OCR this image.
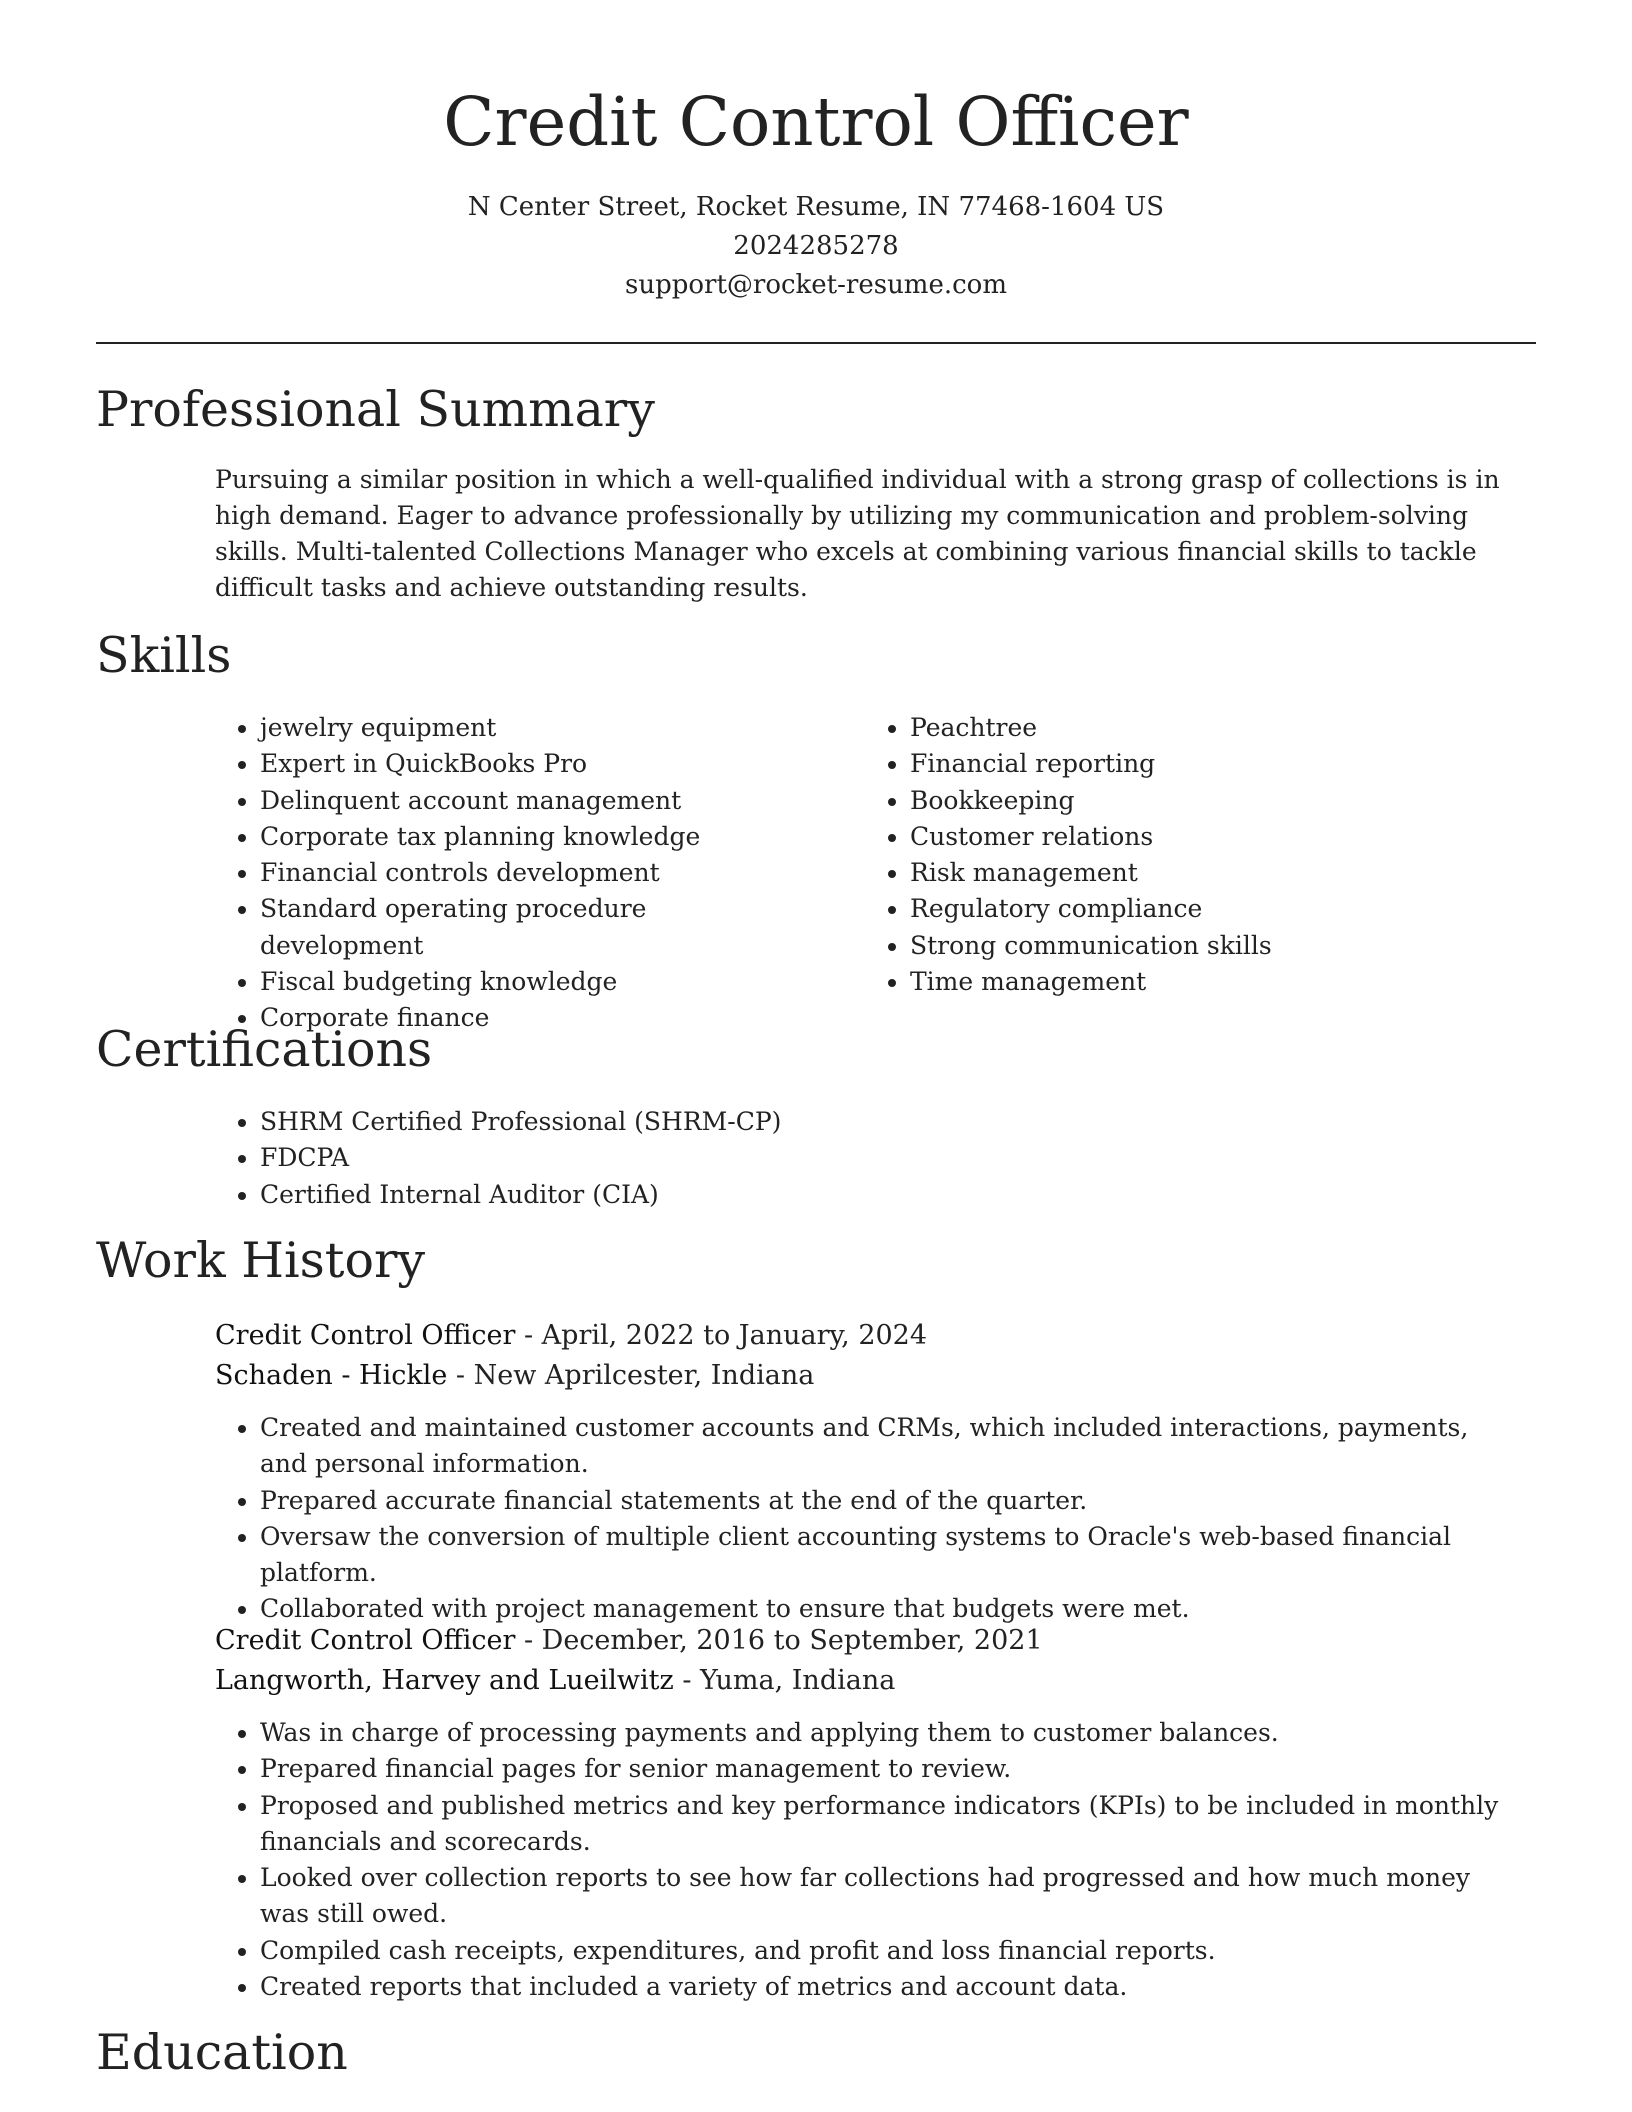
Credit Control Officer
N Center Street, Rocket Resume, IN 77468-1604 US
2024285278
support@rocket-resume.com
Professional Summary

Pursuing a similar position in which a well-qualified individual with a strong grasp of collections is in high demand. Eager to advance professionally by utilizing my communication and problem-solving skills. Multi-talented Collections Manager who excels at combining various financial skills to tackle difficult tasks and achieve outstanding results.

Skills
• jewelry equipment
• Expert in QuickBooks Pro
• Delinquent account management
• Corporate tax planning knowledge
• Financial controls development
• Standard operating procedure development
• Fiscal budgeting knowledge
• Corporate finance
• Peachtree
• Financial reporting
• Bookkeeping
• Customer relations
• Risk management
• Regulatory compliance
• Strong communication skills
• Time management
Certifications
• SHRM Certified Professional (SHRM-CP)
• FDCPA
• Certified Internal Auditor (CIA)
Work History
Credit Control Officer - April, 2022 to January, 2024
Schaden - Hickle - New Aprilcester, Indiana
• Created and maintained customer accounts and CRMs, which included interactions, payments, and personal information.
• Prepared accurate financial statements at the end of the quarter.
• Oversaw the conversion of multiple client accounting systems to Oracle's web-based financial platform.
• Collaborated with project management to ensure that budgets were met.
Credit Control Officer - December, 2016 to September, 2021
Langworth, Harvey and Lueilwitz - Yuma, Indiana
• Was in charge of processing payments and applying them to customer balances.
• Prepared financial pages for senior management to review.
• Proposed and published metrics and key performance indicators (KPIs) to be included in monthly financials and scorecards.
• Looked over collection reports to see how far collections had progressed and how much money was still owed.
• Compiled cash receipts, expenditures, and profit and loss financial reports.
• Created reports that included a variety of metrics and account data.
Education
